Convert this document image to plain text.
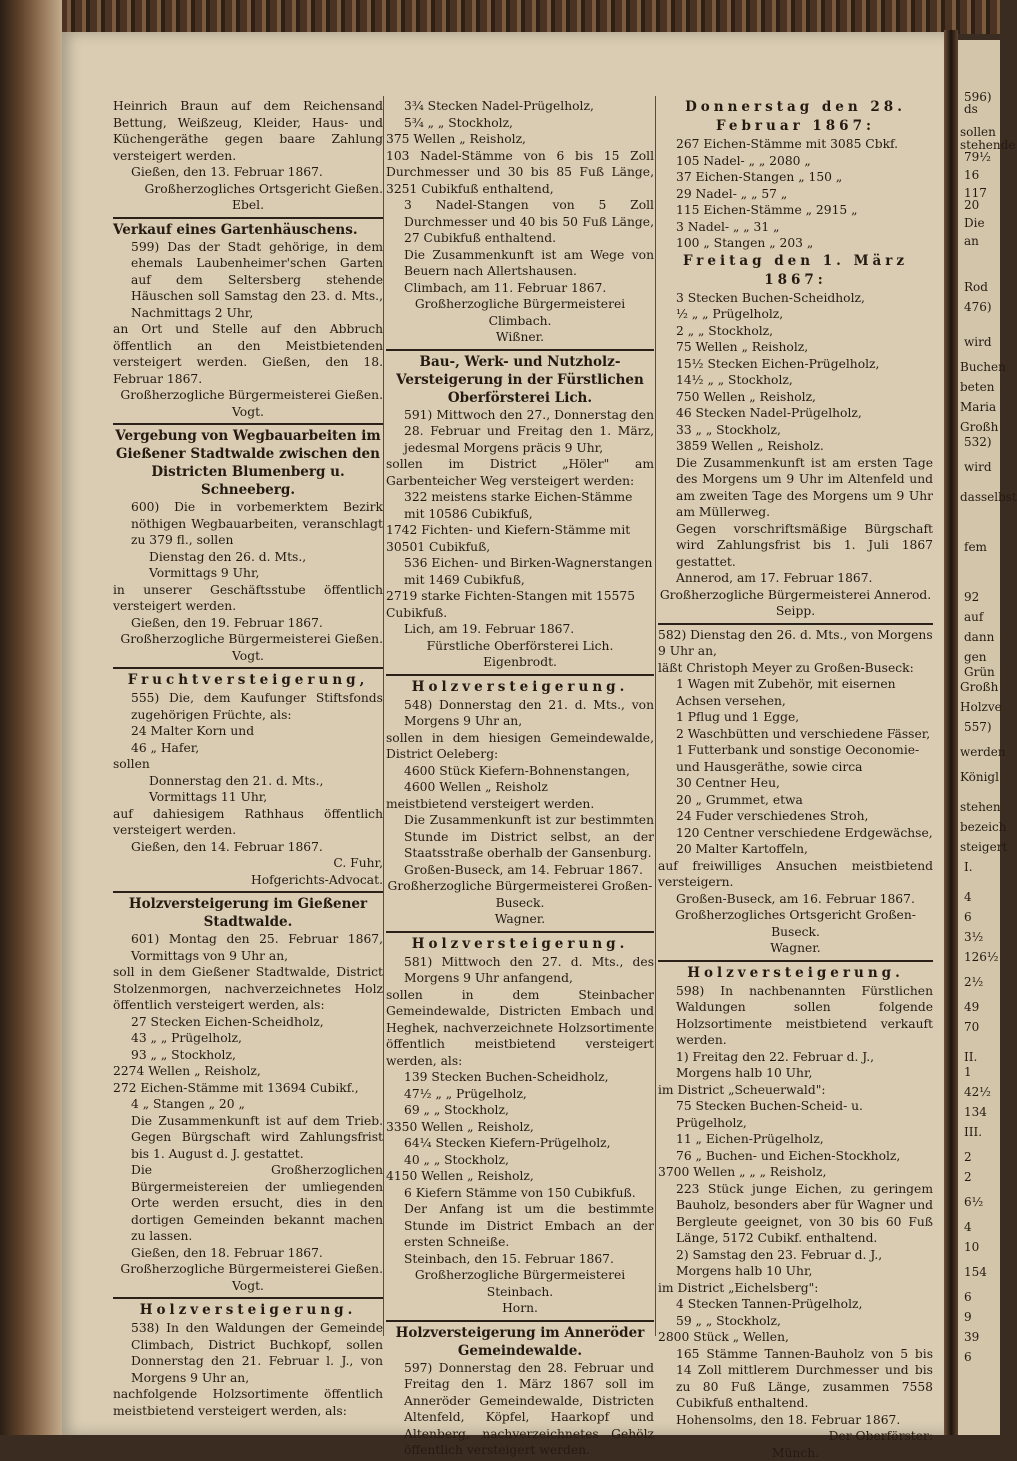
Heinrich Braun auf dem Reichensand Bettung, Weißzeug, Kleider, Haus- und Küchengeräthe gegen baare Zahlung versteigert werden.

Gießen, den 13. Februar 1867.

Großherzogliches Ortsgericht Gießen.

Ebel.

Verkauf eines Gartenhäuschens.

599) Das der Stadt gehörige, in dem ehemals Laubenheimer'schen Garten auf dem Seltersberg stehende Häuschen soll Samstag den 23. d. Mts., Nachmittags 2 Uhr,

an Ort und Stelle auf den Abbruch öffentlich an den Meistbietenden versteigert werden. Gießen, den 18. Februar 1867.

Großherzogliche Bürgermeisterei Gießen.

Vogt.

Vergebung von Wegbauarbeiten im Gießener Stadtwalde zwischen den Districten Blumenberg u. Schneeberg.

600) Die in vorbemerktem Bezirk nöthigen Wegbauarbeiten, veranschlagt zu 379 fl., sollen

Dienstag den 26. d. Mts.,

Vormittags 9 Uhr,

in unserer Geschäftsstube öffentlich versteigert werden.

Gießen, den 19. Februar 1867.

Großherzogliche Bürgermeisterei Gießen.

Vogt.

Fruchtversteigerung,

555) Die, dem Kaufunger Stiftsfonds zugehörigen Früchte, als:

24 Malter Korn und

46 „ Hafer,

sollen

Donnerstag den 21. d. Mts.,

Vormittags 11 Uhr,

auf dahiesigem Rathhaus öffentlich versteigert werden.

Gießen, den 14. Februar 1867.

C. Fuhr,

Hofgerichts-Advocat.

Holzversteigerung im Gießener Stadtwalde.

601) Montag den 25. Februar 1867, Vormittags von 9 Uhr an,

soll in dem Gießener Stadtwalde, District Stolzenmorgen, nachverzeichnetes Holz öffentlich versteigert werden, als:

27 Stecken Eichen-Scheidholz,

43 „ „ Prügelholz,

93 „ „ Stockholz,

2274 Wellen „ Reisholz,

272 Eichen-Stämme mit 13694 Cubikf.,

4 „ Stangen „ 20 „

Die Zusammenkunft ist auf dem Trieb. Gegen Bürgschaft wird Zahlungsfrist bis 1. August d. J. gestattet.

Die Großherzoglichen Bürgermeistereien der umliegenden Orte werden ersucht, dies in den dortigen Gemeinden bekannt machen zu lassen.

Gießen, den 18. Februar 1867.

Großherzogliche Bürgermeisterei Gießen.

Vogt.

Holzversteigerung.

538) In den Waldungen der Gemeinde Climbach, District Buchkopf, sollen Donnerstag den 21. Februar l. J., von Morgens 9 Uhr an,

nachfolgende Holzsortimente öffentlich meistbietend versteigert werden, als:

3¾ Stecken Nadel-Prügelholz,

5¾ „ „ Stockholz,

375 Wellen „ Reisholz,

103 Nadel-Stämme von 6 bis 15 Zoll Durchmesser und 30 bis 85 Fuß Länge, 3251 Cubikfuß enthaltend,

3 Nadel-Stangen von 5 Zoll Durchmesser und 40 bis 50 Fuß Länge, 27 Cubikfuß enthaltend.

Die Zusammenkunft ist am Wege von Beuern nach Allertshausen.

Climbach, am 11. Februar 1867.

Großherzogliche Bürgermeisterei Climbach.

Wißner.

Bau-, Werk- und Nutzholz-Versteigerung in der Fürstlichen Oberförsterei Lich.

591) Mittwoch den 27., Donnerstag den 28. Februar und Freitag den 1. März, jedesmal Morgens präcis 9 Uhr,

sollen im District „Höler" am Garbenteicher Weg versteigert werden:

322 meistens starke Eichen-Stämme mit 10586 Cubikfuß,

1742 Fichten- und Kiefern-Stämme mit 30501 Cubikfuß,

536 Eichen- und Birken-Wagnerstangen mit 1469 Cubikfuß,

2719 starke Fichten-Stangen mit 15575 Cubikfuß.

Lich, am 19. Februar 1867.

Fürstliche Oberförsterei Lich.

Eigenbrodt.

Holzversteigerung.

548) Donnerstag den 21. d. Mts., von Morgens 9 Uhr an,

sollen in dem hiesigen Gemeindewalde, District Oeleberg:

4600 Stück Kiefern-Bohnenstangen,

4600 Wellen „ Reisholz

meistbietend versteigert werden.

Die Zusammenkunft ist zur bestimmten Stunde im District selbst, an der Staatsstraße oberhalb der Gansenburg.

Großen-Buseck, am 14. Februar 1867.

Großherzogliche Bürgermeisterei Großen-Buseck.

Wagner.

Holzversteigerung.

581) Mittwoch den 27. d. Mts., des Morgens 9 Uhr anfangend,

sollen in dem Steinbacher Gemeindewalde, Districten Embach und Heghek, nachverzeichnete Holzsortimente öffentlich meistbietend versteigert werden, als:

139 Stecken Buchen-Scheidholz,

47½ „ „ Prügelholz,

69 „ „ Stockholz,

3350 Wellen „ Reisholz,

64¼ Stecken Kiefern-Prügelholz,

40 „ „ Stockholz,

4150 Wellen „ Reisholz,

6 Kiefern Stämme von 150 Cubikfuß.

Der Anfang ist um die bestimmte Stunde im District Embach an der ersten Schneiße.

Steinbach, den 15. Februar 1867.

Großherzogliche Bürgermeisterei Steinbach.

Horn.

Holzversteigerung im Anneröder Gemeindewalde.

597) Donnerstag den 28. Februar und Freitag den 1. März 1867 soll im Anneröder Gemeindewalde, Districten Altenfeld, Köpfel, Haarkopf und Altenberg, nachverzeichnetes Gehölz öffentlich versteigert werden.

Donnerstag den 28. Februar 1867:

267 Eichen-Stämme mit 3085 Cbkf.

105 Nadel- „ „ 2080 „

37 Eichen-Stangen „ 150 „

29 Nadel- „ „ 57 „

115 Eichen-Stämme „ 2915 „

3 Nadel- „ „ 31 „

100 „ Stangen „ 203 „

Freitag den 1. März 1867:

3 Stecken Buchen-Scheidholz,

½ „ „ Prügelholz,

2 „ „ Stockholz,

75 Wellen „ Reisholz,

15½ Stecken Eichen-Prügelholz,

14½ „ „ Stockholz,

750 Wellen „ Reisholz,

46 Stecken Nadel-Prügelholz,

33 „ „ Stockholz,

3859 Wellen „ Reisholz.

Die Zusammenkunft ist am ersten Tage des Morgens um 9 Uhr im Altenfeld und am zweiten Tage des Morgens um 9 Uhr am Müllerweg.

Gegen vorschriftsmäßige Bürgschaft wird Zahlungsfrist bis 1. Juli 1867 gestattet.

Annerod, am 17. Februar 1867.

Großherzogliche Bürgermeisterei Annerod.

Seipp.

582) Dienstag den 26. d. Mts., von Morgens 9 Uhr an,

läßt Christoph Meyer zu Großen-Buseck:

1 Wagen mit Zubehör, mit eisernen Achsen versehen,

1 Pflug und 1 Egge,

2 Waschbütten und verschiedene Fässer,

1 Futterbank und sonstige Oeconomie- und Hausgeräthe, sowie circa

30 Centner Heu,

20 „ Grummet, etwa

24 Fuder verschiedenes Stroh,

120 Centner verschiedene Erdgewächse,

20 Malter Kartoffeln,

auf freiwilliges Ansuchen meistbietend versteigern.

Großen-Buseck, am 16. Februar 1867.

Großherzogliches Ortsgericht Großen-Buseck.

Wagner.

Holzversteigerung.

598) In nachbenannten Fürstlichen Waldungen sollen folgende Holzsortimente meistbietend verkauft werden.

1) Freitag den 22. Februar d. J., Morgens halb 10 Uhr,

im District „Scheuerwald":

75 Stecken Buchen-Scheid- u. Prügelholz,

11 „ Eichen-Prügelholz,

76 „ Buchen- und Eichen-Stockholz,

3700 Wellen „ „ „ Reisholz,

223 Stück junge Eichen, zu geringem Bauholz, besonders aber für Wagner und Bergleute geeignet, von 30 bis 60 Fuß Länge, 5172 Cubikf. enthaltend.

2) Samstag den 23. Februar d. J., Morgens halb 10 Uhr,

im District „Eichelsberg":

4 Stecken Tannen-Prügelholz,

59 „ „ Stockholz,

2800 Stück „ Wellen,

165 Stämme Tannen-Bauholz von 5 bis 14 Zoll mittlerem Durchmesser und bis zu 80 Fuß Länge, zusammen 7558 Cubikfuß enthaltend.

Hohensolms, den 18. Februar 1867.

Der Oberförster:

Münch.

596)
ds
sollen
stehende
79½
16
117
20
Die
an
Rod
476)
wird
Buchen
beten
Maria
Großh
532)
wird
dasselbst
fem
92
auf
dann
gen
Grün
Großh
Holzve
557)
werden
Königl
stehen
bezeich
steigert
I.
4
6
3½
126½
2½
49
70
II.
1
42½
134
III.
2
2
6½
4
10
154
6
9
39
6
